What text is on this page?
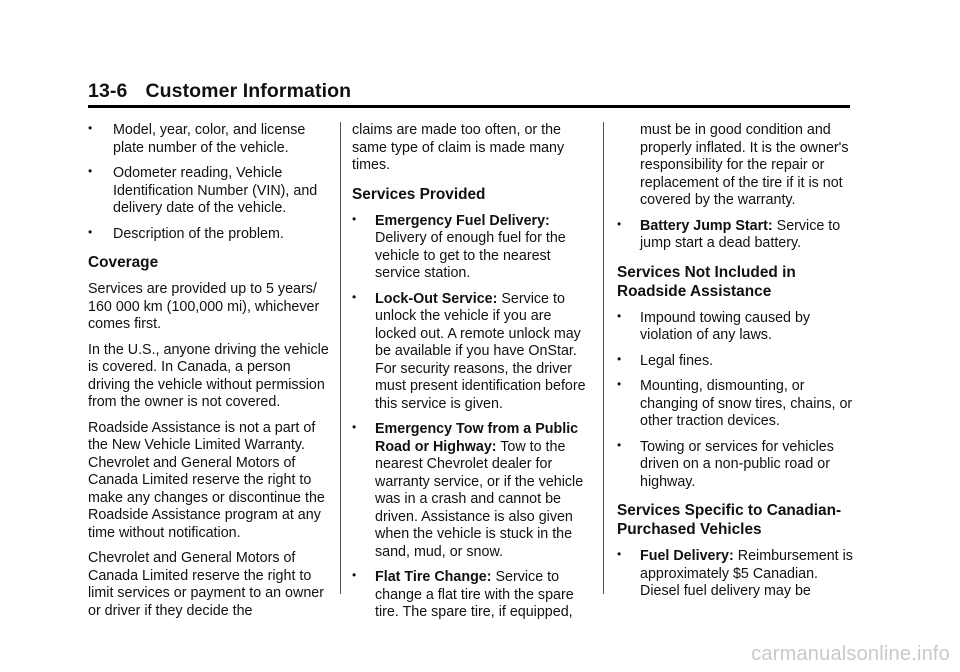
13-6 Customer Information
• Model, year, color, and license plate number of the vehicle.
• Odometer reading, Vehicle Identification Number (VIN), and delivery date of the vehicle.
• Description of the problem.
Coverage

Services are provided up to 5 years/ 160 000 km (100,000 mi), whichever comes first.

In the U.S., anyone driving the vehicle is covered. In Canada, a person driving the vehicle without permission from the owner is not covered.

Roadside Assistance is not a part of the New Vehicle Limited Warranty. Chevrolet and General Motors of Canada Limited reserve the right to make any changes or discontinue the Roadside Assistance program at any time without notification.

Chevrolet and General Motors of Canada Limited reserve the right to limit services or payment to an owner or driver if they decide the

claims are made too often, or the same type of claim is made many times.

Services Provided
• Emergency Fuel Delivery: Delivery of enough fuel for the vehicle to get to the nearest service station.
• Lock-Out Service: Service to unlock the vehicle if you are locked out. A remote unlock may be available if you have OnStar. For security reasons, the driver must present identification before this service is given.
• Emergency Tow from a Public Road or Highway: Tow to the nearest Chevrolet dealer for warranty service, or if the vehicle was in a crash and cannot be driven. Assistance is also given when the vehicle is stuck in the sand, mud, or snow.
• Flat Tire Change: Service to change a flat tire with the spare tire. The spare tire, if equipped,

must be in good condition and properly inflated. It is the owner's responsibility for the repair or replacement of the tire if it is not covered by the warranty.

• Battery Jump Start: Service to jump start a dead battery.
Services Not Included in Roadside Assistance
• Impound towing caused by violation of any laws.
• Legal fines.
• Mounting, dismounting, or changing of snow tires, chains, or other traction devices.
• Towing or services for vehicles driven on a non-public road or highway.
Services Specific to Canadian-Purchased Vehicles
• Fuel Delivery: Reimbursement is approximately $5 Canadian. Diesel fuel delivery may be
carmanualsonline.info
